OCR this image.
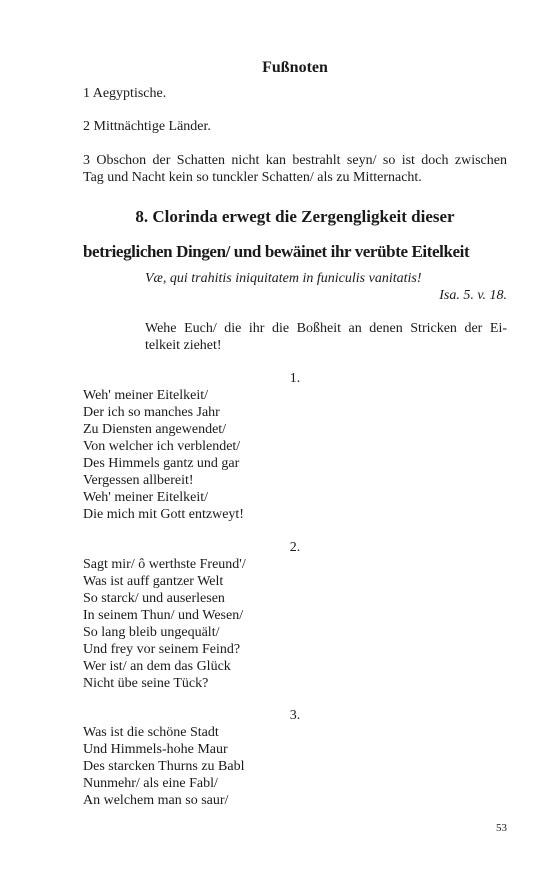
Fußnoten
1 Aegyptische.
2 Mittnächtige Länder.
3 Obschon der Schatten nicht kan bestrahlt seyn/ so ist doch zwischen
Tag und Nacht kein so tunckler Schatten/ als zu Mitternacht.
8. Clorinda erwegt die Zergengligkeit dieser
betrieglichen Dingen/ und bewäinet ihr verübte Eitelkeit
Væ, qui trahitis iniquitatem in funiculis vanitatis!
Isa. 5. v. 18.
Wehe Euch/ die ihr die Boßheit an denen Stricken der Ei-
telkeit ziehet!
1.
Weh' meiner Eitelkeit/
Der ich so manches Jahr
Zu Diensten angewendet/
Von welcher ich verblendet/
Des Himmels gantz und gar
Vergessen allbereit!
Weh' meiner Eitelkeit/
Die mich mit Gott entzweyt!
2.
Sagt mir/ ô werthste Freund'/
Was ist auff gantzer Welt
So starck/ und auserlesen
In seinem Thun/ und Wesen/
So lang bleib ungequält/
Und frey vor seinem Feind?
Wer ist/ an dem das Glück
Nicht übe seine Tück?
3.
Was ist die schöne Stadt
Und Himmels-hohe Maur
Des starcken Thurns zu Babl
Nunmehr/ als eine Fabl/
An welchem man so saur/
53
